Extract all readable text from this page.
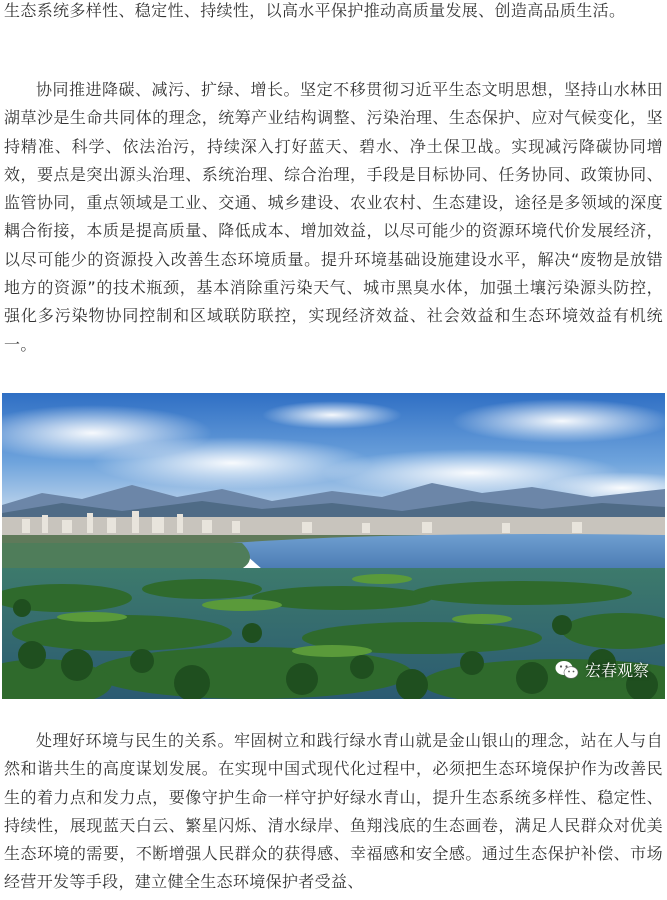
生态系统多样性、稳定性、持续性，以高水平保护推动高质量发展、创造高品质生活。

协同推进降碳、减污、扩绿、增长。坚定不移贯彻习近平生态文明思想，坚持山水林田湖草沙是生命共同体的理念，统筹产业结构调整、污染治理、生态保护、应对气候变化，坚持精准、科学、依法治污，持续深入打好蓝天、碧水、净土保卫战。实现减污降碳协同增效，要点是突出源头治理、系统治理、综合治理，手段是目标协同、任务协同、政策协同、监管协同，重点领域是工业、交通、城乡建设、农业农村、生态建设，途径是多领域的深度耦合衔接，本质是提高质量、降低成本、增加效益，以尽可能少的资源环境代价发展经济，以尽可能少的资源投入改善生态环境质量。提升环境基础设施建设水平，解决“废物是放错地方的资源”的技术瓶颈，基本消除重污染天气、城市黑臭水体，加强土壤污染源头防控，强化多污染物协同控制和区域联防联控，实现经济效益、社会效益和生态环境效益有机统一。

宏春观察

处理好环境与民生的关系。牢固树立和践行绿水青山就是金山银山的理念，站在人与自然和谐共生的高度谋划发展。在实现中国式现代化过程中，必须把生态环境保护作为改善民生的着力点和发力点，要像守护生命一样守护好绿水青山，提升生态系统多样性、稳定性、持续性，展现蓝天白云、繁星闪烁、清水绿岸、鱼翔浅底的生态画卷，满足人民群众对优美生态环境的需要，不断增强人民群众的获得感、幸福感和安全感。通过生态保护补偿、市场经营开发等手段，建立健全生态环境保护者受益、
